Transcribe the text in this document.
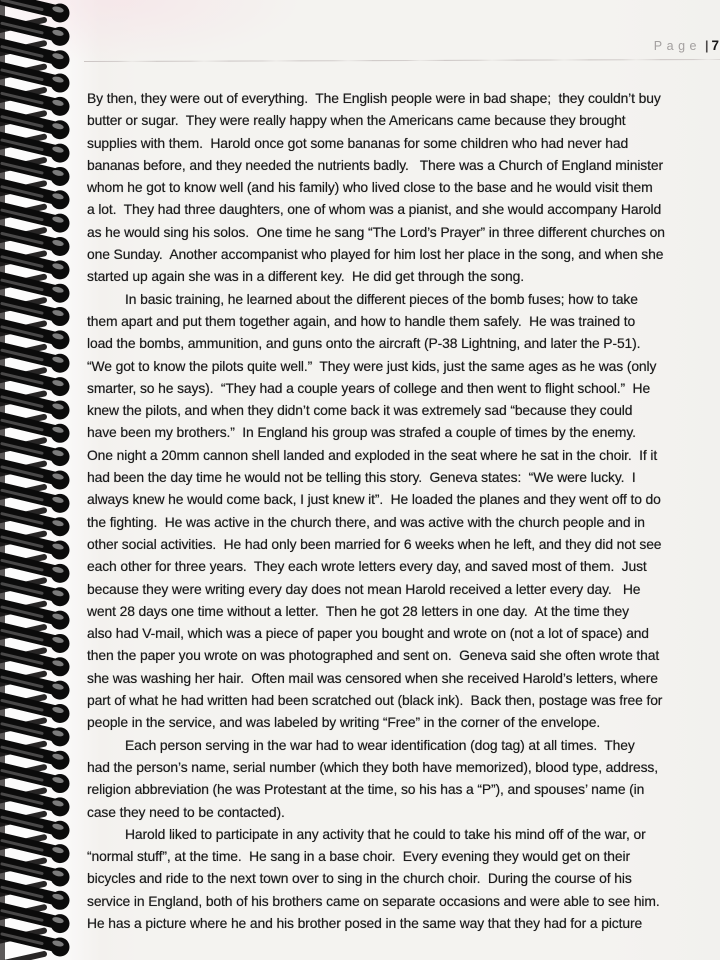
Page | 7
By then, they were out of everything.  The English people were in bad shape;  they couldn’t buy
butter or sugar.  They were really happy when the Americans came because they brought
supplies with them.  Harold once got some bananas for some children who had never had
bananas before, and they needed the nutrients badly.   There was a Church of England minister
whom he got to know well (and his family) who lived close to the base and he would visit them
a lot.  They had three daughters, one of whom was a pianist, and she would accompany Harold
as he would sing his solos.  One time he sang “The Lord’s Prayer” in three different churches on
one Sunday.  Another accompanist who played for him lost her place in the song, and when she
started up again she was in a different key.  He did get through the song.
In basic training, he learned about the different pieces of the bomb fuses; how to take
them apart and put them together again, and how to handle them safely.  He was trained to
load the bombs, ammunition, and guns onto the aircraft (P-38 Lightning, and later the P-51).
“We got to know the pilots quite well.”  They were just kids, just the same ages as he was (only
smarter, so he says).  “They had a couple years of college and then went to flight school.”  He
knew the pilots, and when they didn’t come back it was extremely sad “because they could
have been my brothers.”  In England his group was strafed a couple of times by the enemy.
One night a 20mm cannon shell landed and exploded in the seat where he sat in the choir.  If it
had been the day time he would not be telling this story.  Geneva states:  “We were lucky.  I
always knew he would come back, I just knew it”.  He loaded the planes and they went off to do
the fighting.  He was active in the church there, and was active with the church people and in
other social activities.  He had only been married for 6 weeks when he left, and they did not see
each other for three years.  They each wrote letters every day, and saved most of them.  Just
because they were writing every day does not mean Harold received a letter every day.   He
went 28 days one time without a letter.  Then he got 28 letters in one day.  At the time they
also had V-mail, which was a piece of paper you bought and wrote on (not a lot of space) and
then the paper you wrote on was photographed and sent on.  Geneva said she often wrote that
she was washing her hair.  Often mail was censored when she received Harold’s letters, where
part of what he had written had been scratched out (black ink).  Back then, postage was free for
people in the service, and was labeled by writing “Free” in the corner of the envelope.
Each person serving in the war had to wear identification (dog tag) at all times.  They
had the person’s name, serial number (which they both have memorized), blood type, address,
religion abbreviation (he was Protestant at the time, so his has a “P”), and spouses’ name (in
case they need to be contacted).
Harold liked to participate in any activity that he could to take his mind off of the war, or
“normal stuff”, at the time.  He sang in a base choir.  Every evening they would get on their
bicycles and ride to the next town over to sing in the church choir.  During the course of his
service in England, both of his brothers came on separate occasions and were able to see him.
He has a picture where he and his brother posed in the same way that they had for a picture
